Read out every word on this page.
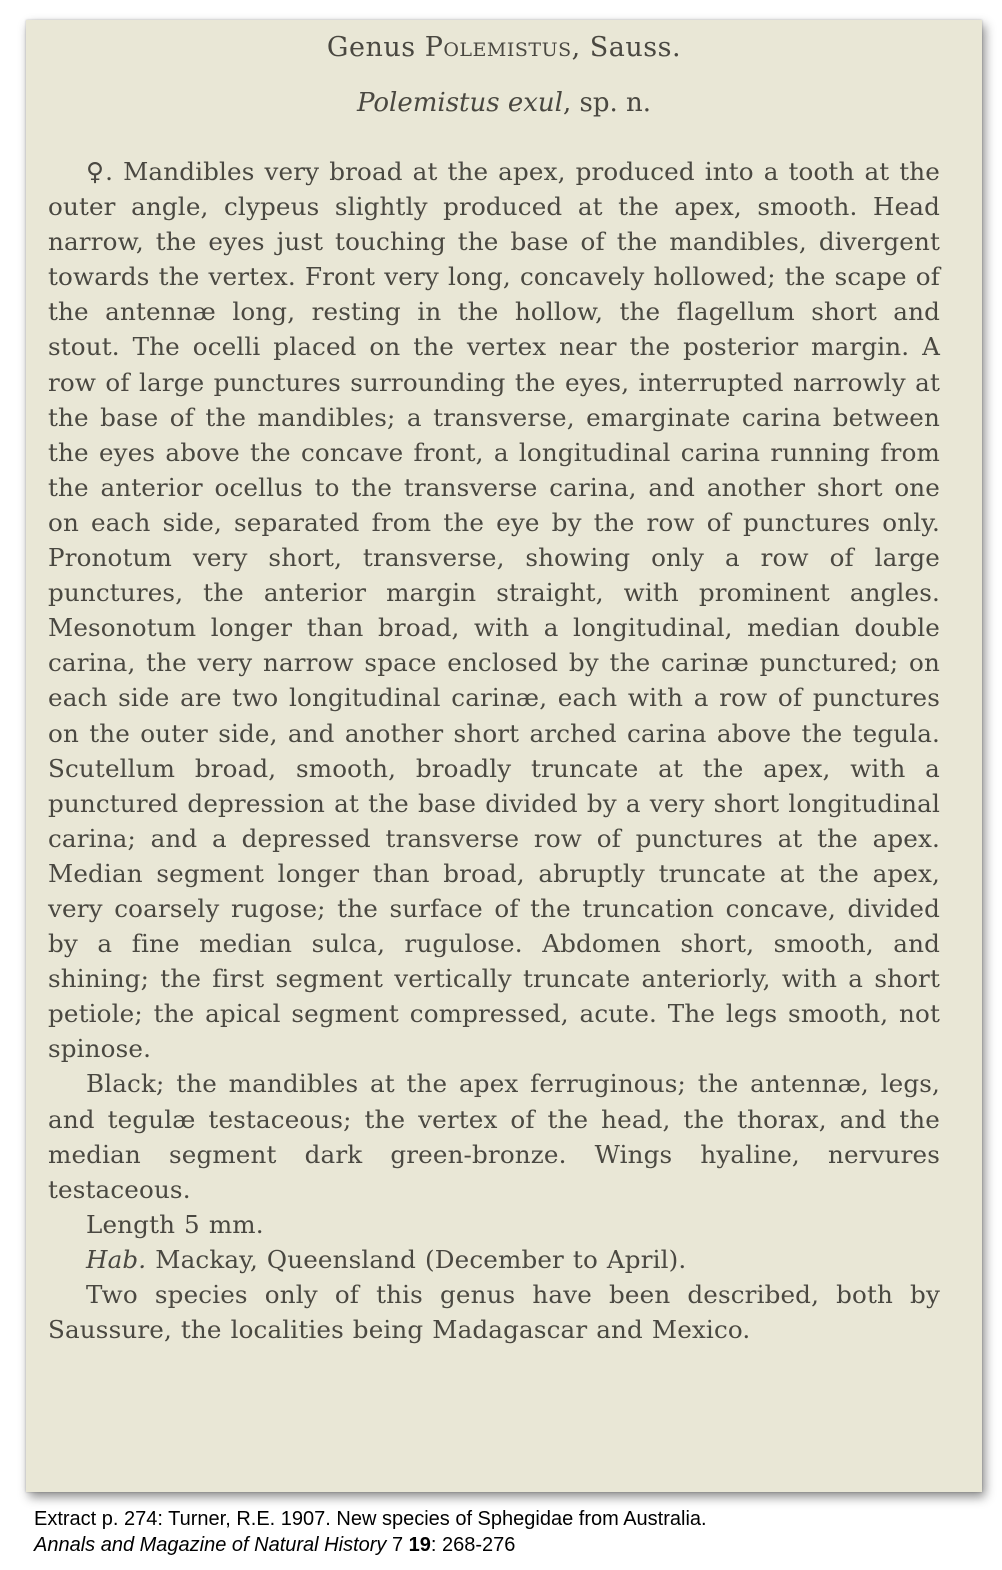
Genus Polemistus, Sauss.
Polemistus exul, sp. n.

♀. Mandibles very broad at the apex, produced into a tooth at the outer angle, clypeus slightly produced at the apex, smooth. Head narrow, the eyes just touching the base of the mandibles, divergent towards the vertex. Front very long, concavely hollowed; the scape of the antennæ long, resting in the hollow, the flagellum short and stout. The ocelli placed on the vertex near the posterior margin. A row of large punctures surrounding the eyes, interrupted narrowly at the base of the mandibles; a transverse, emarginate carina between the eyes above the concave front, a longitudinal carina running from the anterior ocellus to the transverse carina, and another short one on each side, separated from the eye by the row of punctures only. Pronotum very short, transverse, showing only a row of large punctures, the anterior margin straight, with prominent angles. Mesonotum longer than broad, with a longitudinal, median double carina, the very narrow space enclosed by the carinæ punctured; on each side are two longitudinal carinæ, each with a row of punctures on the outer side, and another short arched carina above the tegula. Scutellum broad, smooth, broadly truncate at the apex, with a punctured depression at the base divided by a very short longitudinal carina; and a depressed transverse row of punctures at the apex. Median segment longer than broad, abruptly truncate at the apex, very coarsely rugose; the surface of the truncation concave, divided by a fine median sulca, rugulose. Abdomen short, smooth, and shining; the first segment vertically truncate anteriorly, with a short petiole; the apical segment compressed, acute. The legs smooth, not spinose.

Black; the mandibles at the apex ferruginous; the antennæ, legs, and tegulæ testaceous; the vertex of the head, the thorax, and the median segment dark green-bronze. Wings hyaline, nervures testaceous.

Length 5 mm.

Hab. Mackay, Queensland (December to April).

Two species only of this genus have been described, both by Saussure, the localities being Madagascar and Mexico.

Extract p. 274: Turner, R.E. 1907. New species of Sphegidae from Australia.
Annals and Magazine of Natural History 7 19: 268-276
